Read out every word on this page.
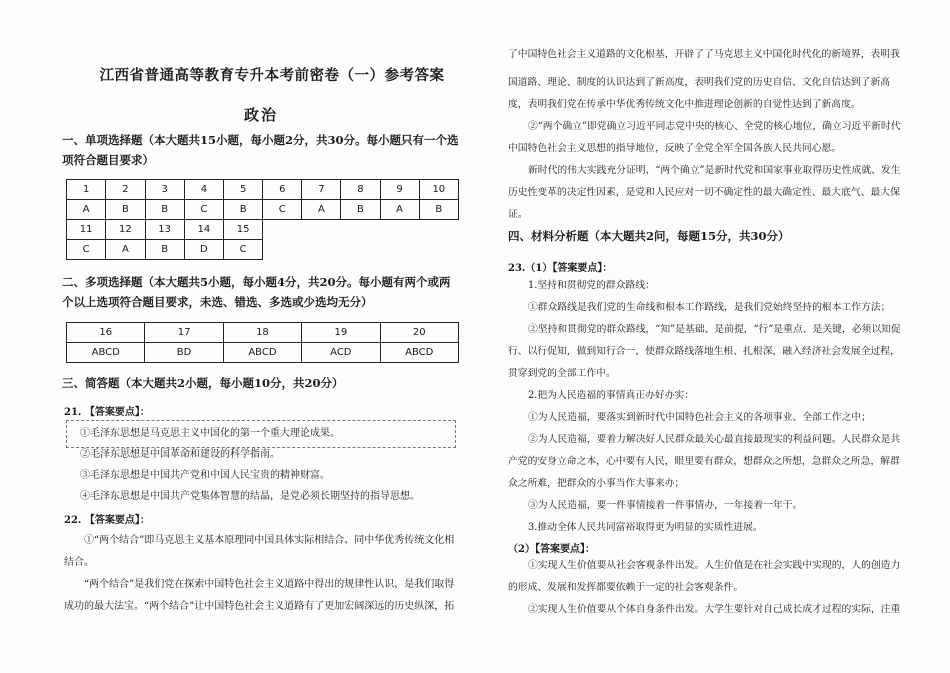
江西省普通高等教育专升本考前密卷（一）参考答案
政治
一、单项选择题（本大题共15小题，每小题2分，共30分。每小题只有一个选项符合题目要求）
1	2	3	4	5	6	7	8	9	10
A	B	B	C	B	C	A	B	A	B
11	12	13	14	15					
C	A	B	D	C					
二、多项选择题（本大题共5小题，每小题4分，共20分。每小题有两个或两个以上选项符合题目要求，未选、错选、多选或少选均无分）
16	17	18	19	20
ABCD	BD	ABCD	ACD	ABCD
三、简答题（本大题共2小题，每小题10分，共20分）
21. 【答案要点】：
①毛泽东思想是马克思主义中国化的第一个重大理论成果。
②毛泽东思想是中国革命和建设的科学指南。
③毛泽东思想是中国共产党和中国人民宝贵的精神财富。
④毛泽东思想是中国共产党集体智慧的结晶，是党必须长期坚持的指导思想。
22. 【答案要点】：
①“两个结合”即马克思主义基本原理同中国具体实际相结合、同中华优秀传统文化相结合。
“两个结合”是我们党在探索中国特色社会主义道路中得出的规律性认识，是我们取得成功的最大法宝。“两个结合”让中国特色社会主义道路有了更加宏阔深远的历史纵深，拓
了中国特色社会主义道路的文化根基，开辟了了马克思主义中国化时代化的新境界，表明我
国道路、理论、制度的认识达到了新高度，表明我们党的历史自信、文化自信达到了新高度，表明我们党在传承中华优秀传统文化中推进理论创新的自觉性达到了新高度。
②“两个确立”即党确立习近平同志党中央的核心、全党的核心地位，确立习近平新时代中国特色社会主义思想的指导地位，反映了全党全军全国各族人民共同心愿。
新时代的伟大实践充分证明，“两个确立”是新时代党和国家事业取得历史性成就、发生历史性变革的决定性因素，是党和人民应对一切不确定性的最大确定性、最大底气、最大保证。
四、材料分析题（本大题共2问，每题15分，共30分）
23.（1）【答案要点】：
1.坚持和贯彻党的群众路线：
①群众路线是我们党的生命线和根本工作路线，是我们党始终坚持的根本工作方法；
②坚持和贯彻党的群众路线，“知”是基础、是前提，“行”是重点、是关键，必须以知促行、以行促知，做到知行合一，使群众路线落地生根、扎根深，融入经济社会发展全过程，贯穿到党的全部工作中。
2.把为人民造福的事情真正办好办实：
①为人民造福，要落实到新时代中国特色社会主义的各项事业、全部工作之中；
②为人民造福，要着力解决好人民群众最关心最直接最现实的利益问题。人民群众是共产党的安身立命之本，心中要有人民，眼里要有群众，想群众之所想，急群众之所急，解群众之所难，把群众的小事当作大事来办；
③为人民造福，要一件事情接着一件事情办，一年接着一年干。
3.推动全体人民共同富裕取得更为明显的实质性进展。
（2）【答案要点】：
①实现人生价值要从社会客观条件出发。人生价值是在社会实践中实现的，人的创造力的形成、发展和发挥都要依赖于一定的社会客观条件。
②实现人生价值要从个体自身条件出发。大学生要针对自己成长成才过程的实际，注重
